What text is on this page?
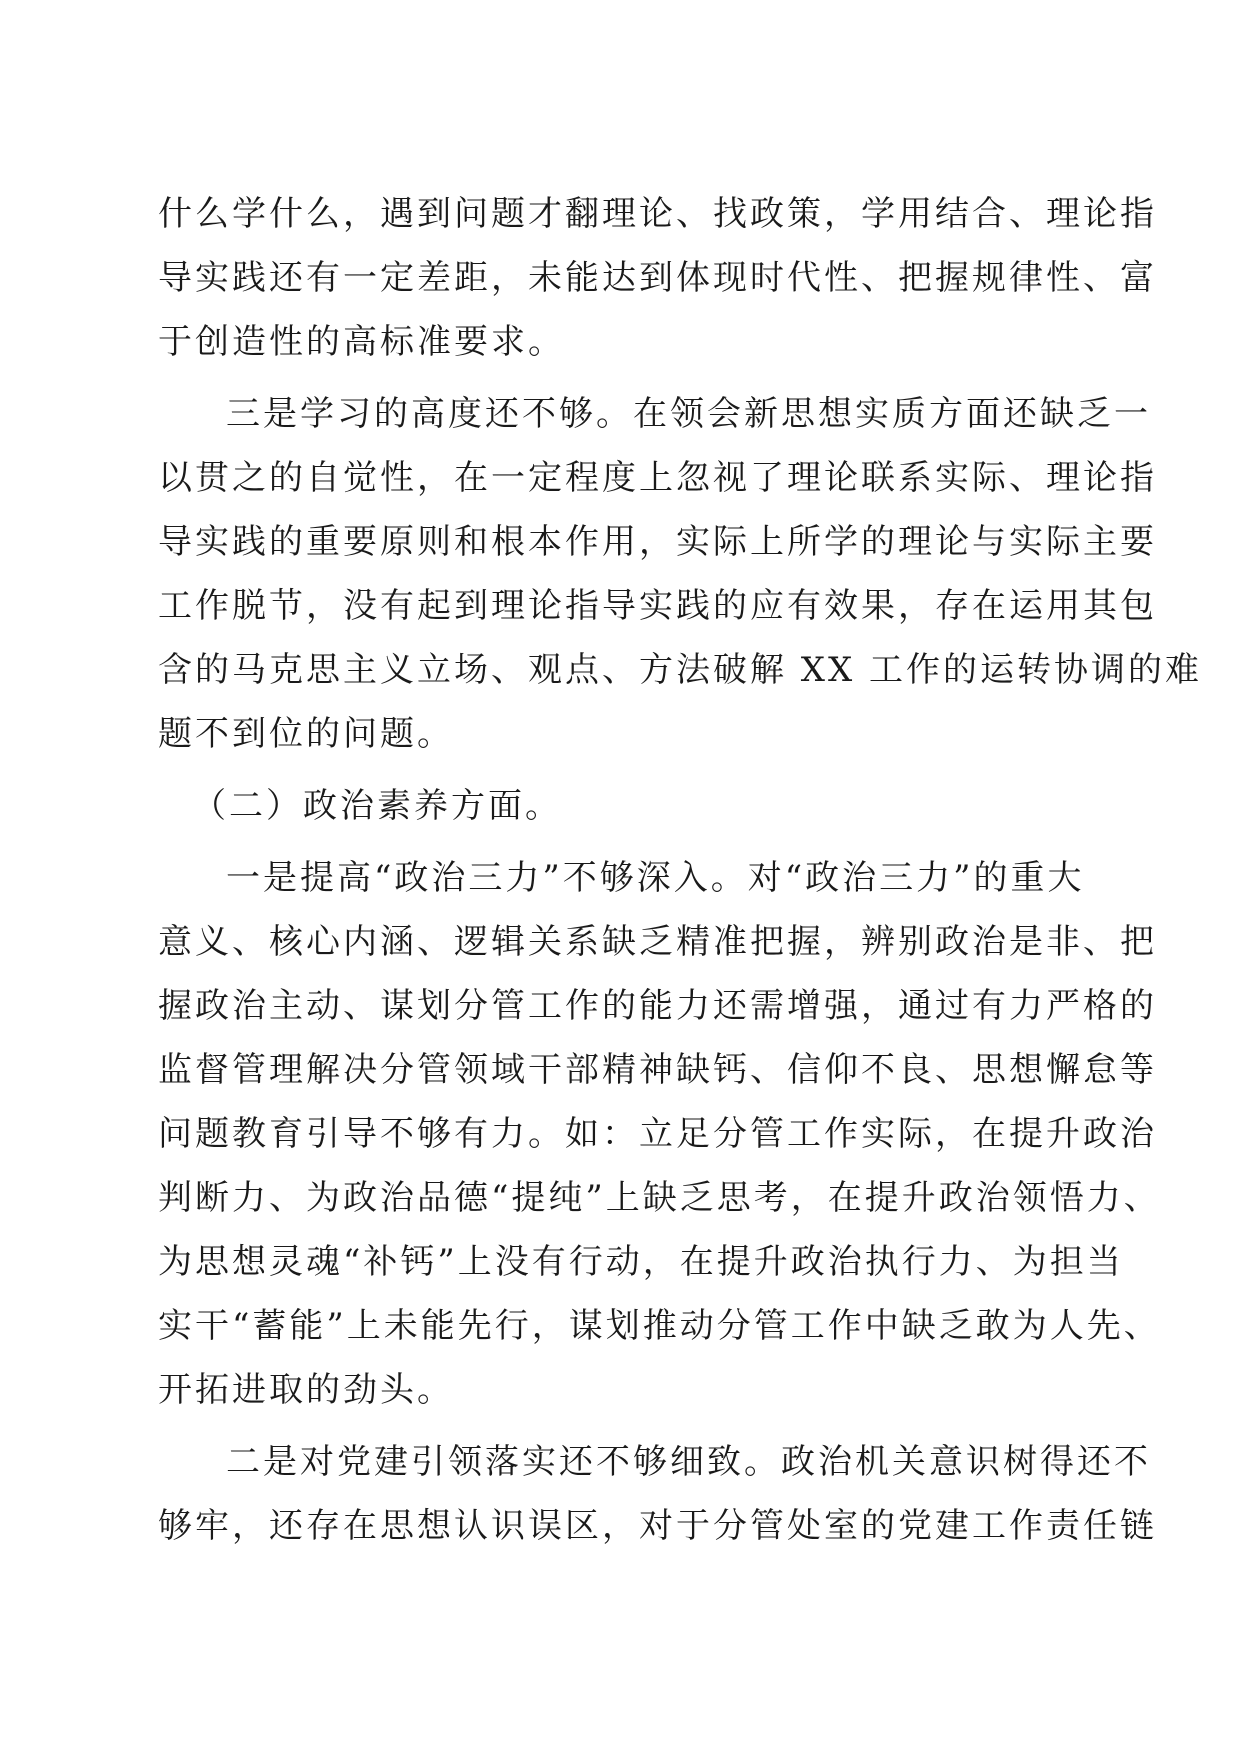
什么学什么，遇到问题才翻理论、找政策，学用结合、理论指
导实践还有一定差距，未能达到体现时代性、把握规律性、富
于创造性的高标准要求。
三是学习的高度还不够。在领会新思想实质方面还缺乏一
以贯之的自觉性，在一定程度上忽视了理论联系实际、理论指
导实践的重要原则和根本作用，实际上所学的理论与实际主要
工作脱节，没有起到理论指导实践的应有效果，存在运用其包
含的马克思主义立场、观点、方法破解 XX 工作的运转协调的难
题不到位的问题。
（二）政治素养方面。
一是提高“政治三力”不够深入。对“政治三力”的重大
意义、核心内涵、逻辑关系缺乏精准把握，辨别政治是非、把
握政治主动、谋划分管工作的能力还需增强，通过有力严格的
监督管理解决分管领域干部精神缺钙、信仰不良、思想懈怠等
问题教育引导不够有力。如：立足分管工作实际，在提升政治
判断力、为政治品德“提纯”上缺乏思考，在提升政治领悟力、
为思想灵魂“补钙”上没有行动，在提升政治执行力、为担当
实干“蓄能”上未能先行，谋划推动分管工作中缺乏敢为人先、
开拓进取的劲头。
二是对党建引领落实还不够细致。政治机关意识树得还不
够牢，还存在思想认识误区，对于分管处室的党建工作责任链
